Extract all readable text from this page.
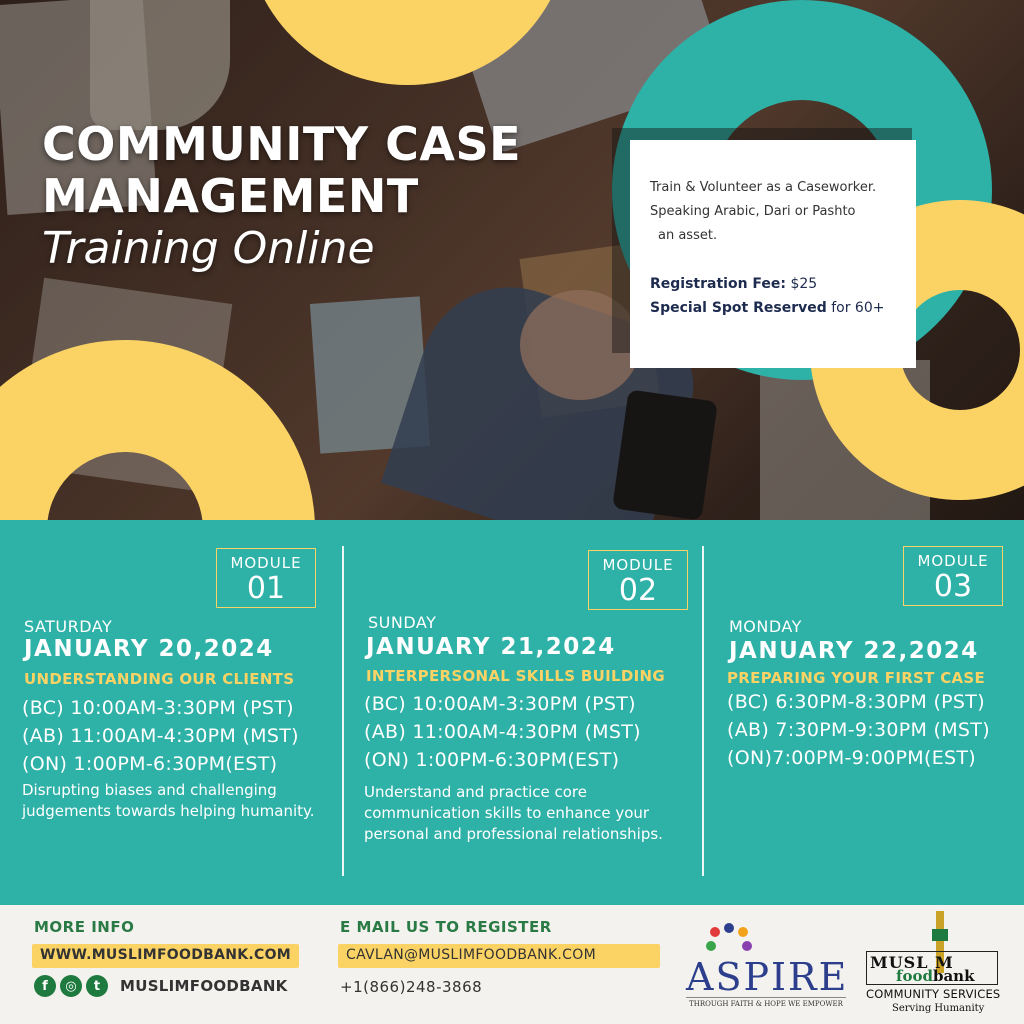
COMMUNITY CASE
MANAGEMENT
Training Online
Train & Volunteer as a Caseworker.
Speaking Arabic, Dari or Pashto
an asset.
Registration Fee: $25
Special Spot Reserved for 60+
MODULE
01
SATURDAY
JANUARY 20,2024
UNDERSTANDING OUR CLIENTS
(BC) 10:00AM-3:30PM (PST)
(AB) 11:00AM-4:30PM (MST)
(ON) 1:00PM-6:30PM(EST)
Disrupting biases and challenging
judgements towards helping humanity.
MODULE
02
SUNDAY
JANUARY 21,2024
INTERPERSONAL SKILLS BUILDING
(BC) 10:00AM-3:30PM (PST)
(AB) 11:00AM-4:30PM (MST)
(ON) 1:00PM-6:30PM(EST)
Understand and practice core
communication skills to enhance your
personal and professional relationships.
MODULE
03
MONDAY
JANUARY 22,2024
PREPARING YOUR FIRST CASE
(BC) 6:30PM-8:30PM (PST)
(AB) 7:30PM-9:30PM (MST)
(ON)7:00PM-9:00PM(EST)
MORE INFO
WWW.MUSLIMFOODBANK.COM
f	◎	t	MUSLIMFOODBANK
E MAIL US TO REGISTER
CAVLAN@MUSLIMFOODBANK.COM
+1(866)248-3868	ASPIRE
THROUGH FAITH & HOPE WE EMPOWER
MUSL M
foodbank
COMMUNITY SERVICES
Serving Humanity
